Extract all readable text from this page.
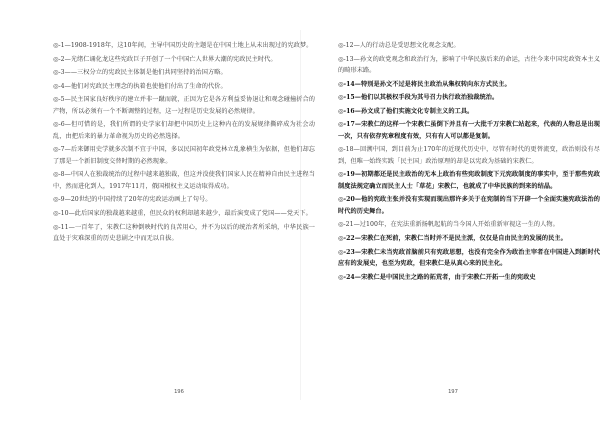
◎-1—1908-1918年，这10年间，主导中国历史的主题是在中国土地上从未出现过的宪政梦。

◎-2—光绪仁诵化龙这些宪政巨子开创了一个中国亡人世界大潮的宪政民主时代。

◎-3——三权分立的宪政民主体制是他们共同坚持的治国方略。

◎-4—他们对宪政民主理念的执着也使他们付出了生命的代价。

◎-5—民主国家良好秩序的建立并非一蹴而就，正因为它是各方利益妥协退让和观念碰撞折合的产物，所以必须有一个不断调整的过程，这一过程是历史发展的必然规律。

◎-6—但可惜的是，我们所谓的史学家们却把中国历史上这种内在的发展规律撕碎成为社会动乱，由把后来的暴力革命视为历史的必然选择。

◎-7—后来御用史学就多次制不宜于中国，多以民国初年政党林立乱象横生为依据，但他们却忘了那是一个新旧制度交替时期的必然现象。

◎-8—中国人在独裁统治的过程中越来越独裁，但这并没使我们国家人民在精神自由民主进程当中，然而进化到人，1917年11月，俄国根权主义运动取得成功。

◎-9—20世纪的中国持续了20年的宪政运动画上了句号。

◎-10—此后国家的独裁越来越重，但民众的权利却越来越少，最后演变成了党国——党天下。

◎-11—一百年了，宋教仁这种倒映时代的良苦用心，并不为以后的统治者所采纳，中华民族一直处于灾难深重的历史悲剧之中而无以自拔。

196

◎-12—人的行动总是受思想文化观念支配。

◎-13—孙文的政党观念和政治行为，影响了中华民族后来的命运，古往今来中国宪政资本主义的畸形末路。

◎-14—特别是孙文不过是将民主政治从集权转向东方式民主。

◎-15—他们以其极权手段为其号召力执行政治独裁统治。

◎-16—孙文成了他们实施文化专制主义的工具。

◎-17—宋教仁的这样一个宋教仁虽倒下并且有一大批千万宋教仁站起来，代表的人物总是出现一次，只有依存宪章程度有效，只有有人可以都是复制。

◎-18—回溯中国，到目前为止170年的近现代历史中，尽管有时代的更替流变，政治则没有尽到，但唯一始终实践「民主国」政治原理的却是以宪政为基础的宋教仁。

◎-19—初期都还是民主政治的无本上政治有些宪政制度下元宪政制度的事实中，至于那些宪政制度法规定确立而民主人士「草花」宋教仁，也就成了中华民族的到来的结晶。

◎-20—他的宪政主张并没有实现而现出那许多关于在宪制的当下开辟一个全面实施宪政法治的时代的历史舞台。

◎-21—过100年，在宪法重新扬帆起航的当今国人开始重新审视这一生的人物。

◎-22—宋教仁在死前，宋教仁当时并不是民主派，仅仅是自由民主的发展的民主。

◎-23—宋教仁未当宪政首脑前只有宪政思想，也没有完全作为政治主宰者在中国进入到新时代应有的发展史，也至为宪政，但宋教仁是从真心来的民主化。

◎-24—宋教仁是中国民主之路的拓荒者，由于宋教仁开拓一生的宪政史

197
